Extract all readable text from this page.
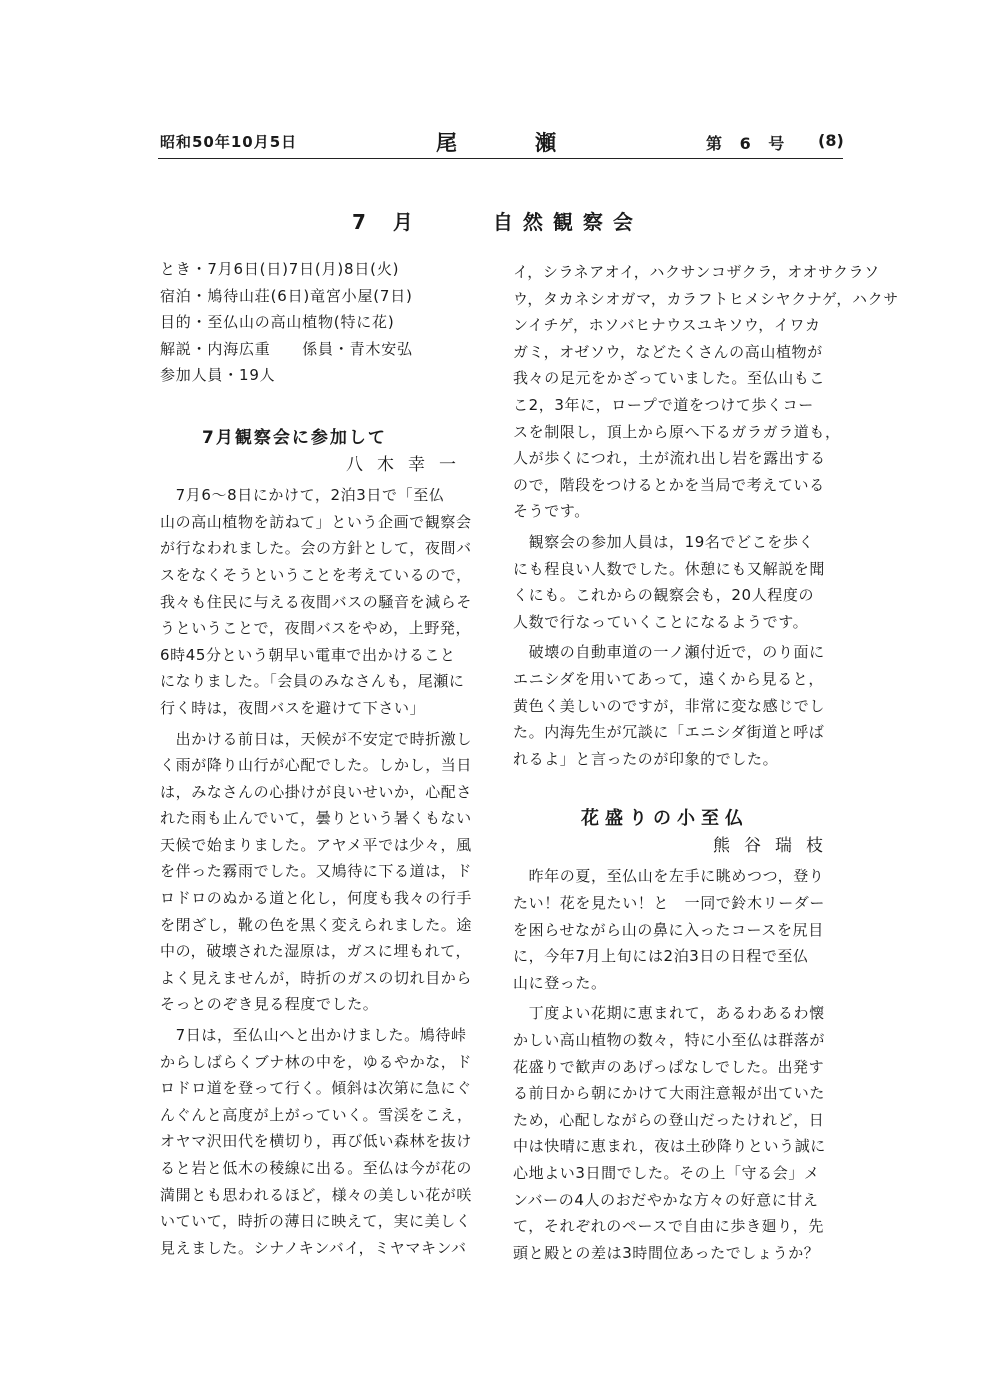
昭和50年10月5日	尾	瀬	第 6 号 (8)
7 月	自然観察会
とき・7月6日(日)7日(月)8日(火)
宿泊・鳩待山荘(6日)竜宮小屋(7日)
目的・至仏山の高山植物(特に花)
解説・内海広重　　係員・青木安弘
参加人員・19人
7月観察会に参加して
八木幸一
　7月6〜8日にかけて，2泊3日で「至仏
山の高山植物を訪ねて」という企画で観察会
が行なわれました。会の方針として，夜間バ
スをなくそうということを考えているので，
我々も住民に与える夜間バスの騒音を減らそ
うということで，夜間バスをやめ，上野発，
6時45分という朝早い電車で出かけること
になりました。「会員のみなさんも，尾瀬に
行く時は，夜間バスを避けて下さい」
　出かける前日は，天候が不安定で時折激し
く雨が降り山行が心配でした。しかし，当日
は，みなさんの心掛けが良いせいか，心配さ
れた雨も止んでいて，曇りという暑くもない
天候で始まりました。アヤメ平では少々，風
を伴った霧雨でした。又鳩待に下る道は，ド
ロドロのぬかる道と化し，何度も我々の行手
を閉ざし，靴の色を黒く変えられました。途
中の，破壊された湿原は，ガスに埋もれて，
よく見えませんが，時折のガスの切れ目から
そっとのぞき見る程度でした。
　7日は，至仏山へと出かけました。鳩待峠
からしばらくブナ林の中を，ゆるやかな，ド
ロドロ道を登って行く。傾斜は次第に急にぐ
んぐんと高度が上がっていく。雪渓をこえ，
オヤマ沢田代を横切り，再び低い森林を抜け
ると岩と低木の稜線に出る。至仏は今が花の
満開とも思われるほど，様々の美しい花が咲
いていて，時折の薄日に映えて，実に美しく
見えました。シナノキンバイ，ミヤマキンバ
イ，シラネアオイ，ハクサンコザクラ，オオサクラソ
ウ，タカネシオガマ，カラフトヒメシヤクナゲ，ハクサ
ンイチゲ，ホソバヒナウスユキソウ，イワカ
ガミ，オゼソウ，などたくさんの高山植物が
我々の足元をかざっていました。至仏山もこ
こ2，3年に，ロープで道をつけて歩くコー
スを制限し，頂上から原へ下るガラガラ道も，
人が歩くにつれ，土が流れ出し岩を露出する
ので，階段をつけるとかを当局で考えている
そうです。
　観察会の参加人員は，19名でどこを歩く
にも程良い人数でした。休憩にも又解説を聞
くにも。これからの観察会も，20人程度の
人数で行なっていくことになるようです。
　破壊の自動車道の一ノ瀬付近で，のり面に
エニシダを用いてあって，遠くから見ると，
黄色く美しいのですが，非常に変な感じでし
た。内海先生が冗談に「エニシダ街道と呼ば
れるよ」と言ったのが印象的でした。
花盛りの小至仏
熊谷瑞枝
　昨年の夏，至仏山を左手に眺めつつ，登り
たい！花を見たい！と　一同で鈴木リーダー
を困らせながら山の鼻に入ったコースを尻目
に，今年7月上旬には2泊3日の日程で至仏
山に登った。
　丁度よい花期に恵まれて，あるわあるわ懐
かしい高山植物の数々，特に小至仏は群落が
花盛りで歓声のあげっぱなしでした。出発す
る前日から朝にかけて大雨注意報が出ていた
ため，心配しながらの登山だったけれど，日
中は快晴に恵まれ，夜は土砂降りという誠に
心地よい3日間でした。その上「守る会」メ
ンバーの4人のおだやかな方々の好意に甘え
て，それぞれのペースで自由に歩き廻り，先
頭と殿との差は3時間位あったでしょうか？
